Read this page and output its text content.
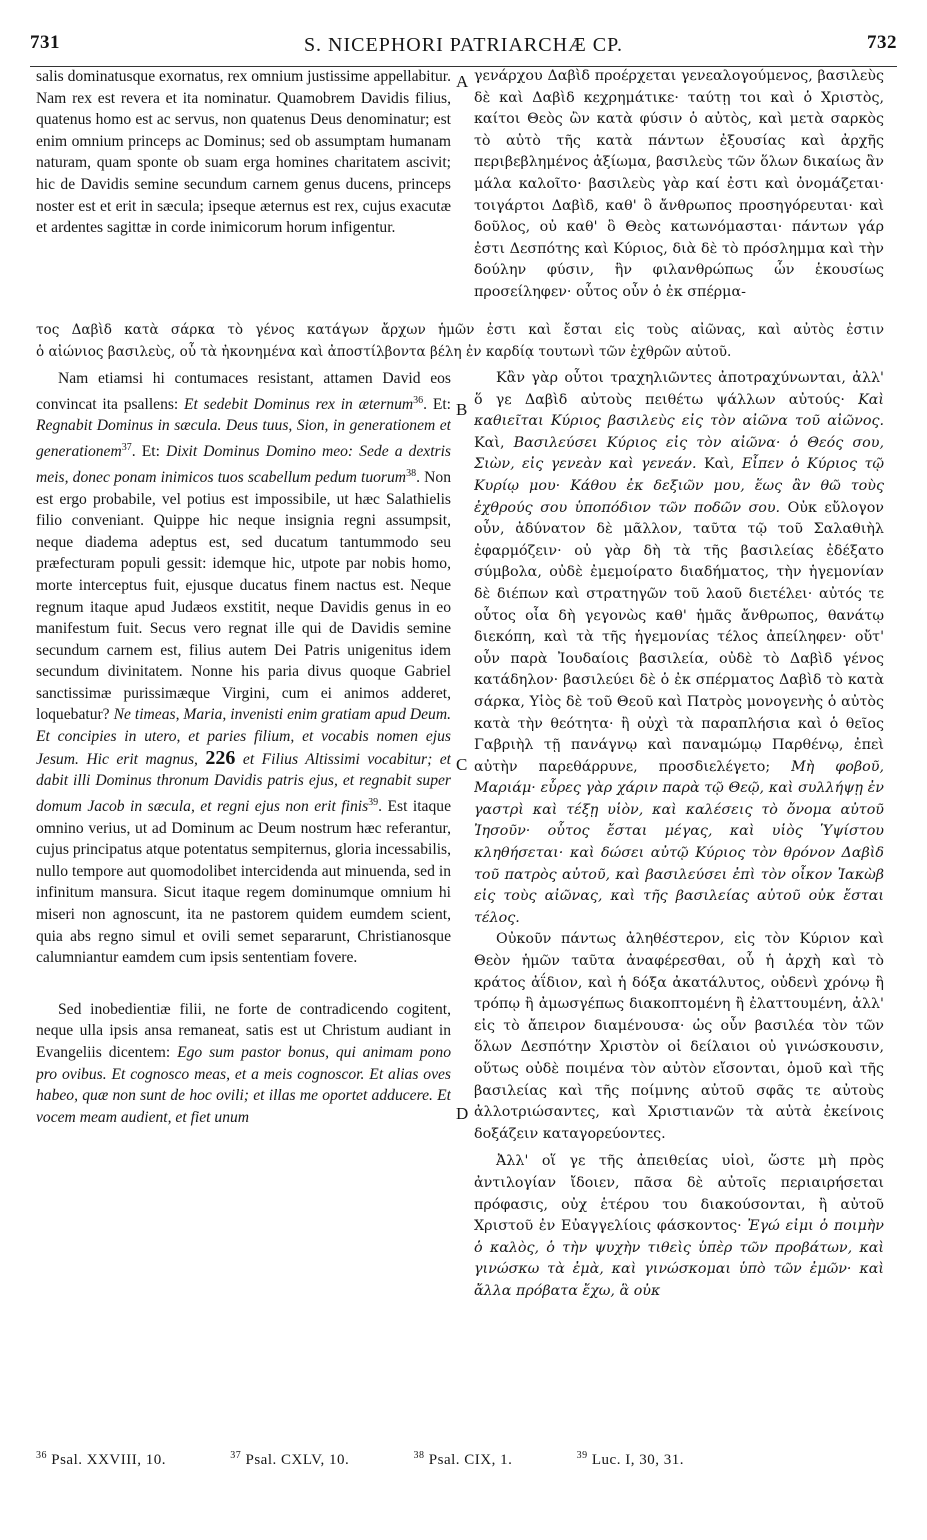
731	S. NICEPHORI PATRIARCHÆ CP.	732
A
B
C
D

salis dominatusque exornatus, rex omnium justissime appellabitur. Nam rex est revera et ita nominatur. Quamobrem Davidis filius, quatenus homo est ac servus, non quatenus Deus denominatur; est enim omnium princeps ac Dominus; sed ob assumptam humanam naturam, quam sponte ob suam erga homines charitatem ascivit; hic de Davidis semine secundum carnem genus ducens, princeps noster est et erit in sæcula; ipseque æternus est rex, cujus exacutæ et ardentes sagittæ in corde inimicorum horum infigentur.

γενάρχου Δαβὶδ προέρχεται γενεαλογούμενος, βασιλεὺς δὲ καὶ Δαβὶδ κεχρημάτικε· ταύτῃ τοι καὶ ὁ Χριστὸς, καίτοι Θεὸς ὢν κατὰ φύσιν ὁ αὐτὸς, καὶ μετὰ σαρκὸς τὸ αὐτὸ τῆς κατὰ πάντων ἐξουσίας καὶ ἀρχῆς περιβεβλημένος ἀξίωμα, βασιλεὺς τῶν ὅλων δικαίως ἂν μάλα καλοῖτο· βασιλεὺς γὰρ καί ἐστι καὶ ὀνομάζεται· τοιγάρτοι Δαβὶδ, καθ' ὃ ἄνθρωπος προσηγόρευται· καὶ δοῦλος, οὐ καθ' ὃ Θεὸς κατωνόμασται· πάντων γάρ ἐστι Δεσπότης καὶ Κύριος, διὰ δὲ τὸ πρόσλημμα καὶ τὴν δούλην φύσιν, ἣν φιλανθρώπως ὧν ἑκουσίως προσείληφεν· οὗτος οὖν ὁ ἐκ σπέρμα-

τος Δαβὶδ κατὰ σάρκα τὸ γένος κατάγων ἄρχων ἡμῶν ἐστι καὶ ἔσται εἰς τοὺς αἰῶνας, καὶ αὐτὸς ἐστιν
ὁ αἰώνιος βασιλεὺς, οὗ τὰ ἠκονημένα καὶ ἀποστίλβοντα βέλη ἐν καρδίᾳ τουτωνὶ τῶν ἐχθρῶν αὐτοῦ.

Nam etiamsi hi contumaces resistant, attamen David eos convincat ita psallens: Et sedebit Dominus rex in æternum$^{36}$. Et: Regnabit Dominus in sæcula. Deus tuus, Sion, in generationem et generationem$^{37}$. Et: Dixit Dominus Domino meo: Sede a dextris meis, donec ponam inimicos tuos scabellum pedum tuorum$^{38}$. Non est ergo probabile, vel potius est impossibile, ut hæc Salathielis filio conveniant. Quippe hic neque insignia regni assumpsit, neque diadema adeptus est, sed ducatum tantummodo seu præfecturam populi gessit: idemque hic, utpote par nobis homo, morte interceptus fuit, ejusque ducatus finem nactus est. Neque regnum itaque apud Judæos exstitit, neque Davidis genus in eo manifestum fuit. Secus vero regnat ille qui de Davidis semine secundum carnem est, filius autem Dei Patris unigenitus idem secundum divinitatem. Nonne his paria divus quoque Gabriel sanctissimæ purissimæque Virgini, cum ei animos adderet, loquebatur? Ne timeas, Maria, invenisti enim gratiam apud Deum. Et concipies in utero, et paries filium, et vocabis nomen ejus Jesum. Hic erit magnus, 226 et Filius Altissimi vocabitur; et dabit illi Dominus thronum Davidis patris ejus, et regnabit super domum Jacob in sæcula, et regni ejus non erit finis$^{39}$. Est itaque omnino verius, ut ad Dominum ac Deum nostrum hæc referantur, cujus principatus atque potentatus sempiternus, gloria incessabilis, nullo tempore aut quomodolibet intercidenda aut minuenda, sed in infinitum mansura. Sicut itaque regem dominumque omnium hi miseri non agnoscunt, ita ne pastorem quidem eumdem scient, quia abs regno simul et ovili semet separarunt, Christianosque calumniantur eamdem cum ipsis sententiam fovere.

Sed inobedientiæ filii, ne forte de contradicendo cogitent, neque ulla ipsis ansa remaneat, satis est ut Christum audiant in Evangeliis dicentem: Ego sum pastor bonus, qui animam pono pro ovibus. Et cognosco meas, et a meis cognoscor. Et alias oves habeo, quæ non sunt de hoc ovili; et illas me oportet adducere. Et vocem meam audient, et fiet unum

Κἂν γὰρ οὗτοι τραχηλιῶντες ἀποτραχύνωνται, ἀλλ' ὅ γε Δαβὶδ αὐτοὺς πειθέτω ψάλλων αὐτούς· Καὶ καθιεῖται Κύριος βασιλεὺς εἰς τὸν αἰῶνα τοῦ αἰῶνος. Καὶ, Βασιλεύσει Κύριος εἰς τὸν αἰῶνα· ὁ Θεός σου, Σιὼν, εἰς γενεὰν καὶ γενεάν. Καὶ, Εἶπεν ὁ Κύριος τῷ Κυρίῳ μου· Κάθου ἐκ δεξιῶν μου, ἕως ἂν θῶ τοὺς ἐχθρούς σου ὑποπόδιον τῶν ποδῶν σου. Οὐκ εὔλογον οὖν, ἀδύνατον δὲ μᾶλλον, ταῦτα τῷ τοῦ Σαλαθιὴλ ἐφαρμόζειν· οὐ γὰρ δὴ τὰ τῆς βασιλείας ἐδέξατο σύμβολα, οὐδὲ ἐμεμοίρατο διαδήματος, τὴν ἡγεμονίαν δὲ διέπων καὶ στρατηγῶν τοῦ λαοῦ διετέλει· αὐτός τε οὗτος οἷα δὴ γεγονὼς καθ' ἡμᾶς ἄνθρωπος, θανάτῳ διεκόπη, καὶ τὰ τῆς ἡγεμονίας τέλος ἀπείληφεν· οὔτ' οὖν παρὰ Ἰουδαίοις βασιλεία, οὐδὲ τὸ Δαβὶδ γένος κατάδηλον· βασιλεύει δὲ ὁ ἐκ σπέρματος Δαβὶδ τὸ κατὰ σάρκα, Υἱὸς δὲ τοῦ Θεοῦ καὶ Πατρὸς μονογενὴς ὁ αὐτὸς κατὰ τὴν θεότητα· ἢ οὐχὶ τὰ παραπλήσια καὶ ὁ θεῖος Γαβριὴλ τῇ πανάγνῳ καὶ παναμώμῳ Παρθένῳ, ἐπεὶ αὐτὴν παρεθάρρυνε, προσδιελέγετο; Μὴ φοβοῦ, Μαριάμ· εὗρες γὰρ χάριν παρὰ τῷ Θεῷ, καὶ συλλήψῃ ἐν γαστρὶ καὶ τέξῃ υἱὸν, καὶ καλέσεις τὸ ὄνομα αὐτοῦ Ἰησοῦν· οὗτος ἔσται μέγας, καὶ υἱὸς Ὑψίστου κληθήσεται· καὶ δώσει αὐτῷ Κύριος τὸν θρόνον Δαβὶδ τοῦ πατρὸς αὐτοῦ, καὶ βασιλεύσει ἐπὶ τὸν οἶκον Ἰακὼβ εἰς τοὺς αἰῶνας, καὶ τῆς βασιλείας αὐτοῦ οὐκ ἔσται τέλος.

Οὐκοῦν πάντως ἀληθέστερον, εἰς τὸν Κύριον καὶ Θεὸν ἡμῶν ταῦτα ἀναφέρεσθαι, οὗ ἡ ἀρχὴ καὶ τὸ κράτος ἀΐδιον, καὶ ἡ δόξα ἀκατάλυτος, οὐδενὶ χρόνῳ ἢ τρόπῳ ἢ ἀμωσγέπως διακοπτομένη ἢ ἐλαττουμένη, ἀλλ' εἰς τὸ ἄπειρον διαμένουσα· ὡς οὖν βασιλέα τὸν τῶν ὅλων Δεσπότην Χριστὸν οἱ δείλαιοι οὐ γινώσκουσιν, οὕτως οὐδὲ ποιμένα τὸν αὐτὸν εἴσονται, ὁμοῦ καὶ τῆς βασιλείας καὶ τῆς ποίμνης αὐτοῦ σφᾶς τε αὐτοὺς ἀλλοτριώσαντες, καὶ Χριστιανῶν τὰ αὐτὰ ἐκείνοις δοξάζειν καταγορεύοντες.

Ἀλλ' οἵ γε τῆς ἀπειθείας υἱοὶ, ὥστε μὴ πρὸς ἀντιλογίαν ἴδοιεν, πᾶσα δὲ αὐτοῖς περιαιρήσεται πρόφασις, οὐχ ἑτέρου του διακούσονται, ἢ αὐτοῦ Χριστοῦ ἐν Εὐαγγελίοις φάσκοντος· Ἐγώ εἰμι ὁ ποιμὴν ὁ καλὸς, ὁ τὴν ψυχὴν τιθεὶς ὑπὲρ τῶν προβάτων, καὶ γινώσκω τὰ ἐμὰ, καὶ γινώσκομαι ὑπὸ τῶν ἐμῶν· καὶ ἄλλα πρόβατα ἔχω, ἃ οὐκ

$^{36}$ Psal. XXVIII, 10.	$^{37}$ Psal. CXLV, 10.	$^{38}$ Psal. CIX, 1.	$^{39}$ Luc. I, 30, 31.
